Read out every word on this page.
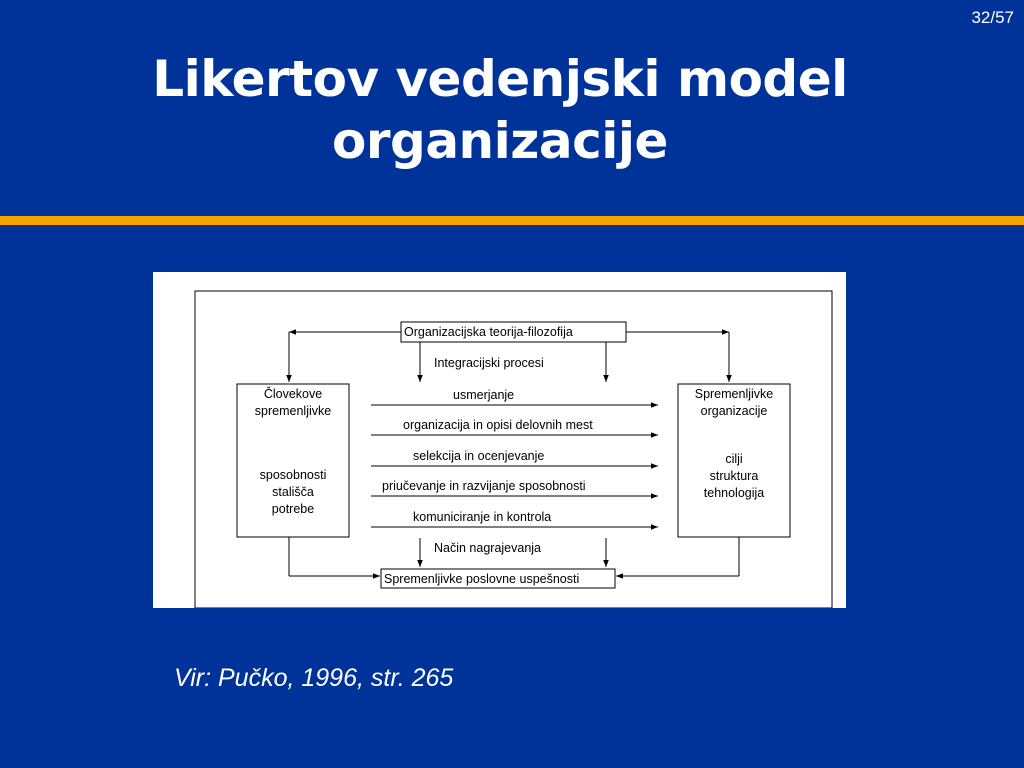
32/57
Likertov vedenjski model
organizacije
Organizacijska teorija-filozofija
Integracijski procesi
Človekove
spremenljivke
sposobnosti
stališča
potrebe
Spremenljivke
organizacije
cilji
struktura
tehnologija
usmerjanje
organizacija in opisi delovnih mest
selekcija in ocenjevanje
priučevanje in razvijanje sposobnosti
komuniciranje in kontrola
Način nagrajevanja
Spremenljivke poslovne uspešnosti
Vir: Pučko, 1996, str. 265
